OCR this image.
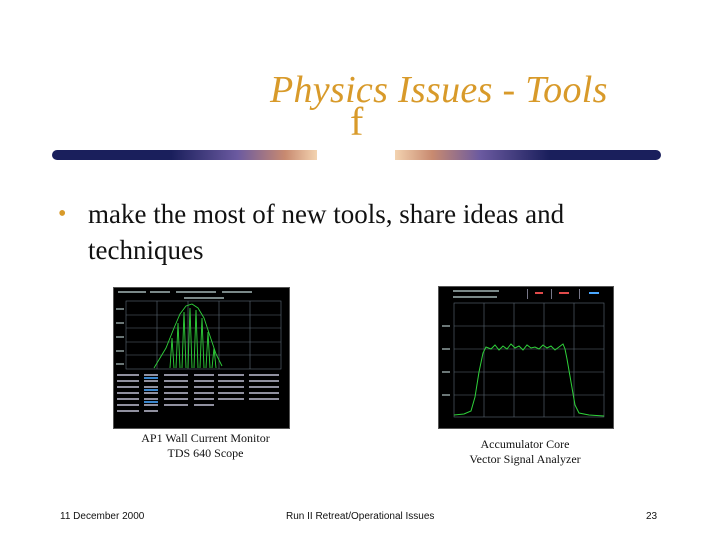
Physics Issues - Tools
f
• make the most of new tools, share ideas and techniques
AP1 Wall Current Monitor
TDS 640 Scope
Accumulator Core
Vector Signal Analyzer
11 December 2000	Run II Retreat/Operational Issues	23
